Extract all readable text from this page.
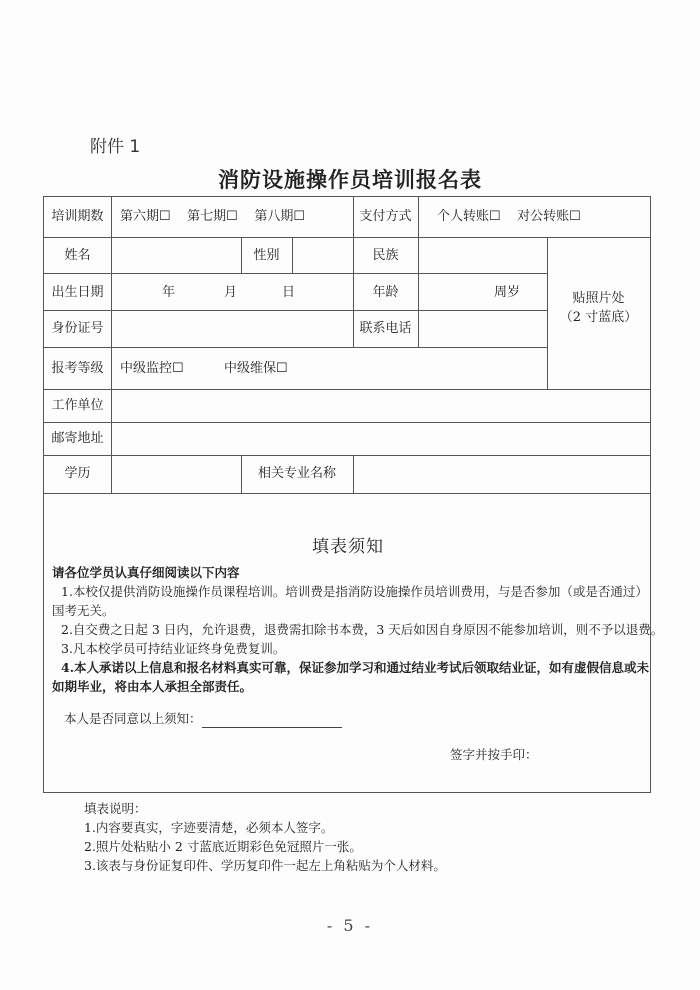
附件 1
消防设施操作员培训报名表
培训期数	第六期☐    第七期☐    第八期☐	支付方式	个人转账☐    对公转账☐
姓名	性别	民族
出生日期	年	月	日	年龄	周岁
身份证号	联系电话
贴照片处
（2 寸蓝底）
报考等级	中级监控☐	中级维保☐
工作单位
邮寄地址
学历	相关专业名称
填表须知
请各位学员认真仔细阅读以下内容
1.本校仅提供消防设施操作员课程培训。培训费是指消防设施操作员培训费用，与是否参加（或是否通过）
国考无关。
2.自交费之日起 3 日内，允许退费，退费需扣除书本费，3 天后如因自身原因不能参加培训，则不予以退费。
3.凡本校学员可持结业证终身免费复训。
4.本人承诺以上信息和报名材料真实可靠，保证参加学习和通过结业考试后领取结业证，如有虚假信息或未
如期毕业，将由本人承担全部责任。
本人是否同意以上须知：
签字并按手印：
填表说明：
1.内容要真实，字迹要清楚，必须本人签字。
2.照片处粘贴小 2 寸蓝底近期彩色免冠照片一张。
3.该表与身份证复印件、学历复印件一起左上角粘贴为个人材料。
- 5 -
